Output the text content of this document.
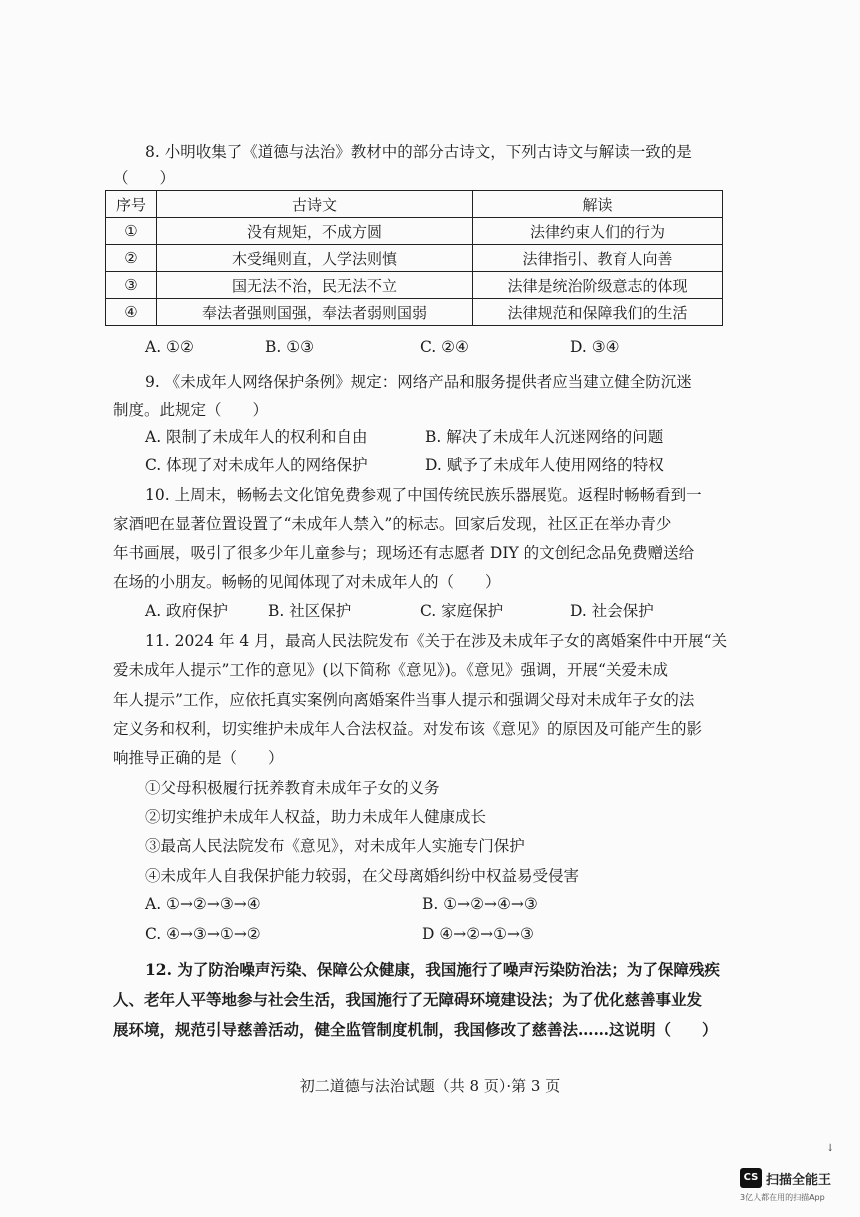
8. 小明收集了《道德与法治》教材中的部分古诗文，下列古诗文与解读一致的是
（　　）
序号	古诗文	解读
①	没有规矩，不成方圆	法律约束人们的行为
②	木受绳则直，人学法则慎	法律指引、教育人向善
③	国无法不治，民无法不立	法律是统治阶级意志的体现
④	奉法者强则国强，奉法者弱则国弱	法律规范和保障我们的生活
A. ①②	B. ①③	C. ②④	D. ③④
9. 《未成年人网络保护条例》规定：网络产品和服务提供者应当建立健全防沉迷
制度。此规定（　　）
A. 限制了未成年人的权利和自由	B. 解决了未成年人沉迷网络的问题
C. 体现了对未成年人的网络保护	D. 赋予了未成年人使用网络的特权
10. 上周末，畅畅去文化馆免费参观了中国传统民族乐器展览。返程时畅畅看到一
家酒吧在显著位置设置了“未成年人禁入”的标志。回家后发现，社区正在举办青少
年书画展，吸引了很多少年儿童参与；现场还有志愿者 DIY 的文创纪念品免费赠送给
在场的小朋友。畅畅的见闻体现了对未成年人的（　　）
A. 政府保护	B. 社区保护	C. 家庭保护	D. 社会保护
11. 2024 年 4 月，最高人民法院发布《关于在涉及未成年子女的离婚案件中开展“关
爱未成年人提示”工作的意见》(以下简称《意见》)。《意见》强调，开展“关爱未成
年人提示”工作，应依托真实案例向离婚案件当事人提示和强调父母对未成年子女的法
定义务和权利，切实维护未成年人合法权益。对发布该《意见》的原因及可能产生的影
响推导正确的是（　　）
①父母积极履行抚养教育未成年子女的义务
②切实维护未成年人权益，助力未成年人健康成长
③最高人民法院发布《意见》，对未成年人实施专门保护
④未成年人自我保护能力较弱，在父母离婚纠纷中权益易受侵害
A. ①→②→③→④	B. ①→②→④→③
C. ④→③→①→②	D ④→②→①→③
12. 为了防治噪声污染、保障公众健康，我国施行了噪声污染防治法；为了保障残疾
人、老年人平等地参与社会生活，我国施行了无障碍环境建设法；为了优化慈善事业发
展环境，规范引导慈善活动，健全监管制度机制，我国修改了慈善法……这说明（　　）
初二道德与法治试题（共 8 页）·第 3 页
↓
CS 扫描全能王
3亿人都在用的扫描App
